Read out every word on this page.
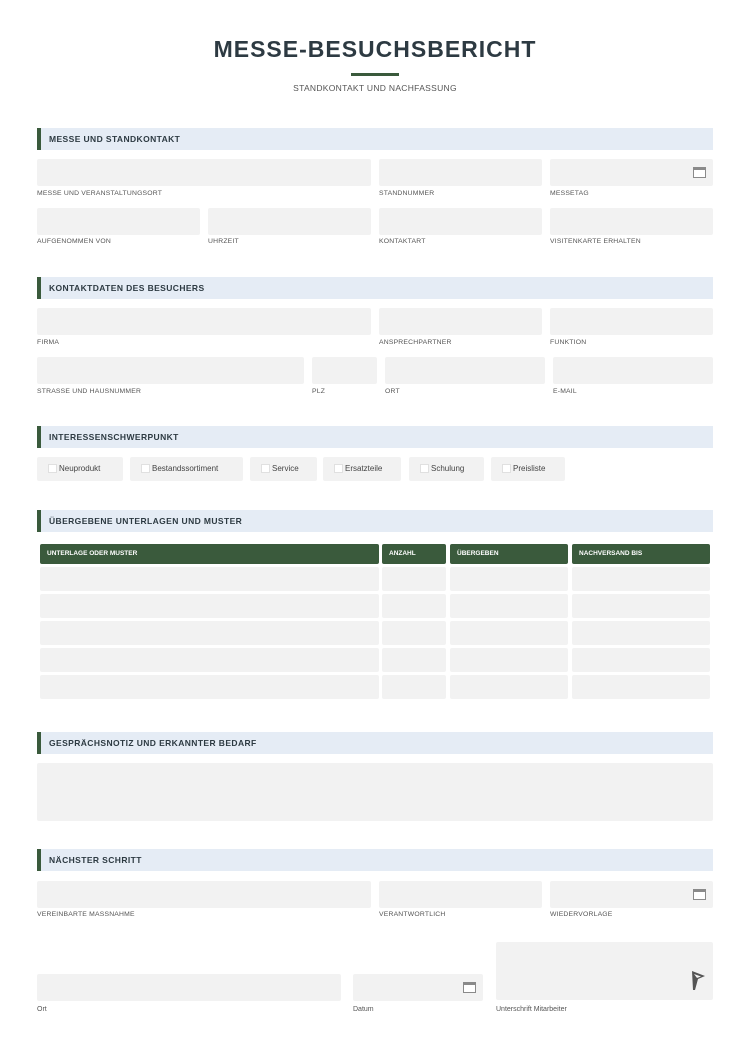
MESSE-BESUCHSBERICHT
STANDKONTAKT UND NACHFASSUNG
MESSE UND STANDKONTAKT
MESSE UND VERANSTALTUNGSORT	STANDNUMMER	MESSETAG
AUFGENOMMEN VON	UHRZEIT	KONTAKTART	VISITENKARTE ERHALTEN
KONTAKTDATEN DES BESUCHERS
FIRMA	ANSPRECHPARTNER	FUNKTION
STRASSE UND HAUSNUMMER	PLZ	ORT	E-MAIL
INTERESSENSCHWERPUNKT
Neuprodukt	Bestandssortiment	Service	Ersatzteile	Schulung	Preisliste
ÜBERGEBENE UNTERLAGEN UND MUSTER
UNTERLAGE ODER MUSTER	ANZAHL	ÜBERGEBEN	NACHVERSAND BIS
GESPRÄCHSNOTIZ UND ERKANNTER BEDARF
NÄCHSTER SCHRITT
VEREINBARTE MASSNAHME	VERANTWORTLICH	WIEDERVORLAGE
Ort	Datum	Unterschrift Mitarbeiter
